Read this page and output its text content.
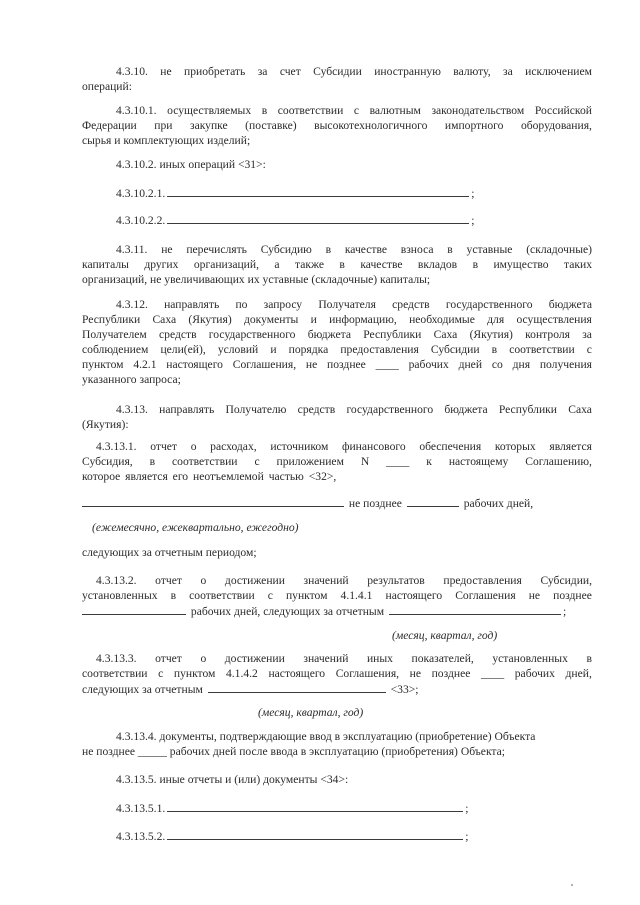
4.3.10. не приобретать за счет Субсидии иностранную валюту, за исключением
операций:
4.3.10.1. осуществляемых в соответствии с валютным законодательством Российской
Федерации при закупке (поставке) высокотехнологичного импортного оборудования,
сырья и комплектующих изделий;
4.3.10.2. иных операций <31>:
4.3.10.2.1.	;
4.3.10.2.2.	;
4.3.11. не перечислять Субсидию в качестве взноса в уставные (складочные)
капиталы других организаций, а также в качестве вкладов в имущество таких
организаций, не увеличивающих их уставные (складочные) капиталы;
4.3.12. направлять по запросу Получателя средств государственного бюджета
Республики Саха (Якутия) документы и информацию, необходимые для осуществления
Получателем средств государственного бюджета Республики Саха (Якутия) контроля за
соблюдением цели(ей), условий и порядка предоставления Субсидии в соответствии с
пунктом 4.2.1 настоящего Соглашения, не позднее ____ рабочих дней со дня получения
указанного запроса;
4.3.13. направлять Получателю средств государственного бюджета Республики Саха
(Якутия):
4.3.13.1. отчет о расходах, источником финансового обеспечения которых является
Субсидия, в соответствии с приложением N ____ к настоящему Соглашению,
которое является его неотъемлемой частью <32>,
не позднее	рабочих дней,
(ежемесячно, ежеквартально, ежегодно)
следующих за отчетным периодом;
4.3.13.2. отчет о достижении значений результатов предоставления Субсидии,
установленных в соответствии с пунктом 4.1.4.1 настоящего Соглашения не позднее
рабочих дней, следующих за отчетным	;
(месяц, квартал, год)
4.3.13.3. отчет о достижении значений иных показателей, установленных в
соответствии с пунктом 4.1.4.2 настоящего Соглашения, не позднее ____ рабочих дней,
следующих за отчетным	<33>;
(месяц, квартал, год)
4.3.13.4. документы, подтверждающие ввод в эксплуатацию (приобретение) Объекта
не позднее _____ рабочих дней после ввода в эксплуатацию (приобретения) Объекта;
4.3.13.5. иные отчеты и (или) документы <34>:
4.3.13.5.1.	;
4.3.13.5.2.	;
